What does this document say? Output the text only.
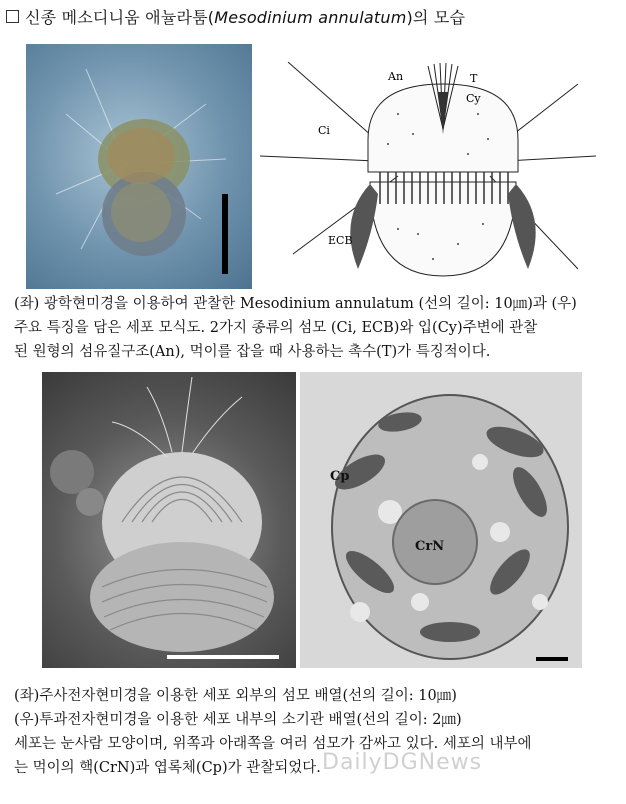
신종 메소디니움 애뉼라툼(Mesodinium annulatum)의 모습
An	T
Cy
Ci
ECB
(좌) 광학현미경을 이용하여 관찰한 Mesodinium annulatum (선의 길이: 10㎛)과 (우)
주요 특징을 담은 세포 모식도. 2가지 종류의 섬모 (Ci, ECB)와 입(Cy)주변에 관찰
된 원형의 섬유질구조(An), 먹이를 잡을 때 사용하는 촉수(T)가 특징적이다.
Cp
CrN
(좌)주사전자현미경을 이용한 세포 외부의 섬모 배열(선의 길이: 10㎛)
(우)투과전자현미경을 이용한 세포 내부의 소기관 배열(선의 길이: 2㎛)
세포는 눈사람 모양이며, 위쪽과 아래쪽을 여러 섬모가 감싸고 있다. 세포의 내부에
는 먹이의 핵(CrN)과 엽록체(Cp)가 관찰되었다. DailyDGNews
